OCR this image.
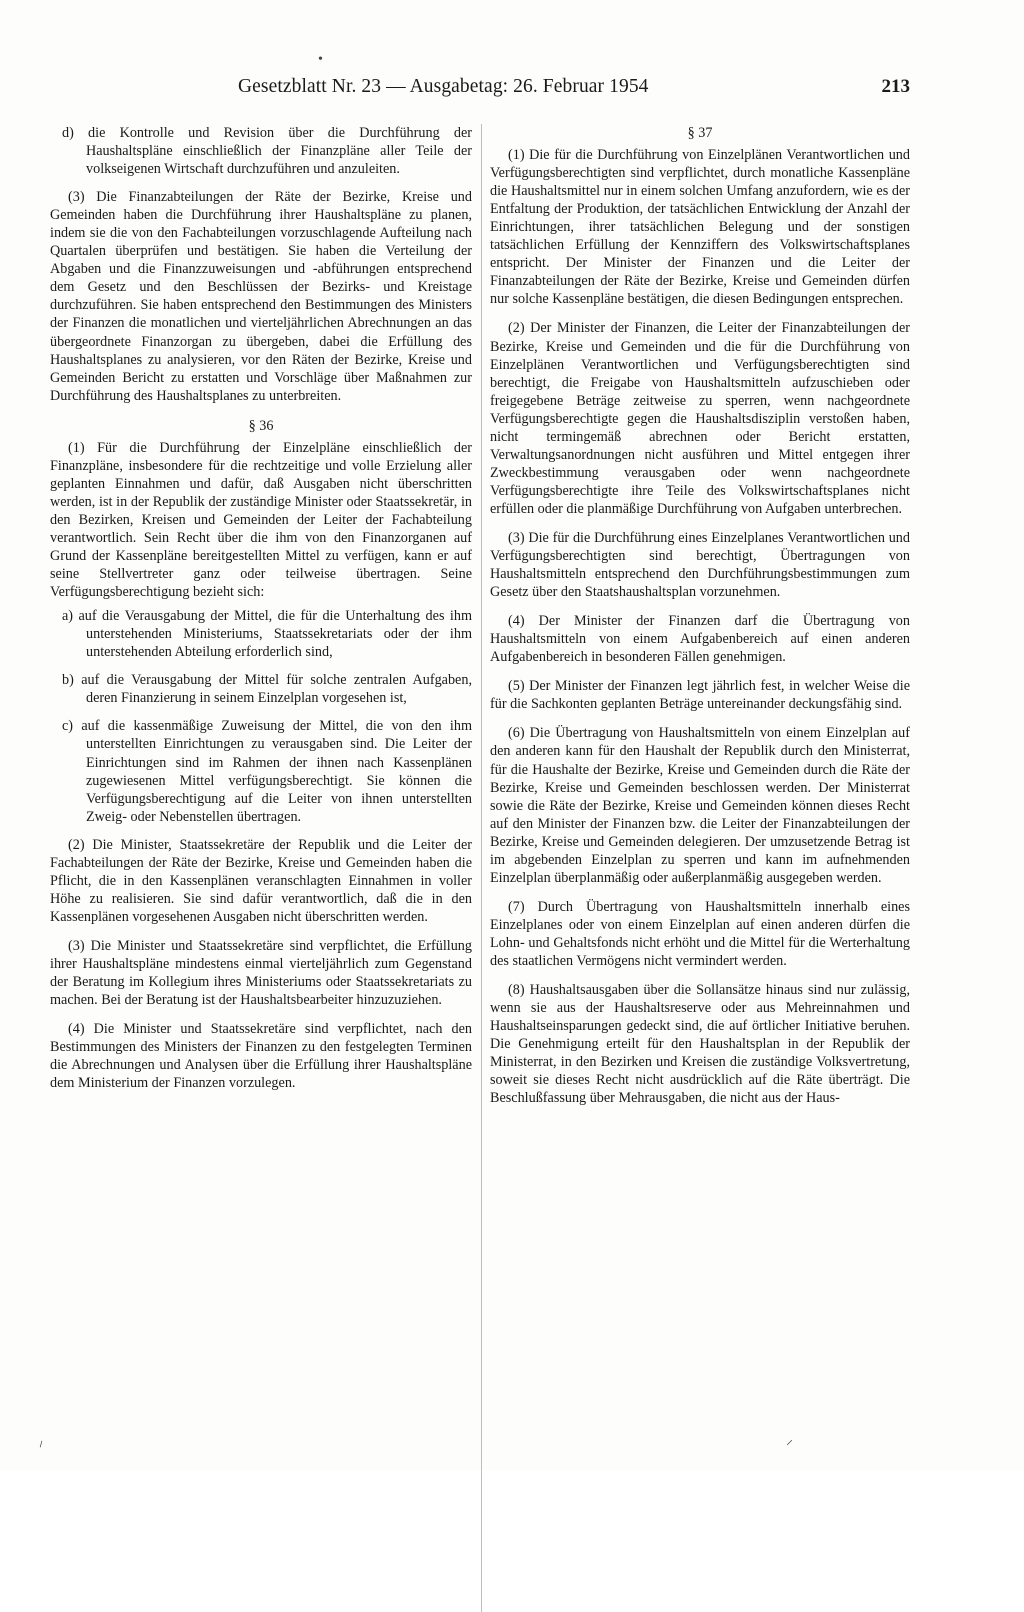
Gesetzblatt Nr. 23 — Ausgabetag: 26. Februar 1954	213

d) die Kontrolle und Revision über die Durchführung der Haushaltspläne einschließlich der Finanzpläne aller Teile der volkseigenen Wirtschaft durchzuführen und anzuleiten.

(3) Die Finanzabteilungen der Räte der Bezirke, Kreise und Gemeinden haben die Durchführung ihrer Haushaltspläne zu planen, indem sie die von den Fachabteilungen vorzuschlagende Aufteilung nach Quartalen überprüfen und bestätigen. Sie haben die Verteilung der Abgaben und die Finanzzuweisungen und -abführungen entsprechend dem Gesetz und den Beschlüssen der Bezirks- und Kreistage durchzuführen. Sie haben entsprechend den Bestimmungen des Ministers der Finanzen die monatlichen und vierteljährlichen Abrechnungen an das übergeordnete Finanzorgan zu übergeben, dabei die Erfüllung des Haushaltsplanes zu analysieren, vor den Räten der Bezirke, Kreise und Gemeinden Bericht zu erstatten und Vorschläge über Maßnahmen zur Durchführung des Haushaltsplanes zu unterbreiten.

§ 36

(1) Für die Durchführung der Einzelpläne einschließlich der Finanzpläne, insbesondere für die rechtzeitige und volle Erzielung aller geplanten Einnahmen und dafür, daß Ausgaben nicht überschritten werden, ist in der Republik der zuständige Minister oder Staatssekretär, in den Bezirken, Kreisen und Gemeinden der Leiter der Fachabteilung verantwortlich. Sein Recht über die ihm von den Finanzorganen auf Grund der Kassenpläne bereitgestellten Mittel zu verfügen, kann er auf seine Stellvertreter ganz oder teilweise übertragen. Seine Verfügungsberechtigung bezieht sich:

a) auf die Verausgabung der Mittel, die für die Unterhaltung des ihm unterstehenden Ministeriums, Staatssekretariats oder der ihm unterstehenden Abteilung erforderlich sind,

b) auf die Verausgabung der Mittel für solche zentralen Aufgaben, deren Finanzierung in seinem Einzelplan vorgesehen ist,

c) auf die kassenmäßige Zuweisung der Mittel, die von den ihm unterstellten Einrichtungen zu verausgaben sind. Die Leiter der Einrichtungen sind im Rahmen der ihnen nach Kassenplänen zugewiesenen Mittel verfügungsberechtigt. Sie können die Verfügungsberechtigung auf die Leiter von ihnen unterstellten Zweig- oder Nebenstellen übertragen.

(2) Die Minister, Staatssekretäre der Republik und die Leiter der Fachabteilungen der Räte der Bezirke, Kreise und Gemeinden haben die Pflicht, die in den Kassenplänen veranschlagten Einnahmen in voller Höhe zu realisieren. Sie sind dafür verantwortlich, daß die in den Kassenplänen vorgesehenen Ausgaben nicht überschritten werden.

(3) Die Minister und Staatssekretäre sind verpflichtet, die Erfüllung ihrer Haushaltspläne mindestens einmal vierteljährlich zum Gegenstand der Beratung im Kollegium ihres Ministeriums oder Staatssekretariats zu machen. Bei der Beratung ist der Haushaltsbearbeiter hinzuzuziehen.

(4) Die Minister und Staatssekretäre sind verpflichtet, nach den Bestimmungen des Ministers der Finanzen zu den festgelegten Terminen die Abrechnungen und Analysen über die Erfüllung ihrer Haushaltspläne dem Ministerium der Finanzen vorzulegen.

§ 37

(1) Die für die Durchführung von Einzelplänen Verantwortlichen und Verfügungsberechtigten sind verpflichtet, durch monatliche Kassenpläne die Haushaltsmittel nur in einem solchen Umfang anzufordern, wie es der Entfaltung der Produktion, der tatsächlichen Entwicklung der Anzahl der Einrichtungen, ihrer tatsächlichen Belegung und der sonstigen tatsächlichen Erfüllung der Kennziffern des Volkswirtschaftsplanes entspricht. Der Minister der Finanzen und die Leiter der Finanzabteilungen der Räte der Bezirke, Kreise und Gemeinden dürfen nur solche Kassenpläne bestätigen, die diesen Bedingungen entsprechen.

(2) Der Minister der Finanzen, die Leiter der Finanzabteilungen der Bezirke, Kreise und Gemeinden und die für die Durchführung von Einzelplänen Verantwortlichen und Verfügungsberechtigten sind berechtigt, die Freigabe von Haushaltsmitteln aufzuschieben oder freigegebene Beträge zeitweise zu sperren, wenn nachgeordnete Verfügungsberechtigte gegen die Haushaltsdisziplin verstoßen haben, nicht termingemäß abrechnen oder Bericht erstatten, Verwaltungsanordnungen nicht ausführen und Mittel entgegen ihrer Zweckbestimmung verausgaben oder wenn nachgeordnete Verfügungsberechtigte ihre Teile des Volkswirtschaftsplanes nicht erfüllen oder die planmäßige Durchführung von Aufgaben unterbrechen.

(3) Die für die Durchführung eines Einzelplanes Verantwortlichen und Verfügungsberechtigten sind berechtigt, Übertragungen von Haushaltsmitteln entsprechend den Durchführungsbestimmungen zum Gesetz über den Staatshaushaltsplan vorzunehmen.

(4) Der Minister der Finanzen darf die Übertragung von Haushaltsmitteln von einem Aufgabenbereich auf einen anderen Aufgabenbereich in besonderen Fällen genehmigen.

(5) Der Minister der Finanzen legt jährlich fest, in welcher Weise die für die Sachkonten geplanten Beträge untereinander deckungsfähig sind.

(6) Die Übertragung von Haushaltsmitteln von einem Einzelplan auf den anderen kann für den Haushalt der Republik durch den Ministerrat, für die Haushalte der Bezirke, Kreise und Gemeinden durch die Räte der Bezirke, Kreise und Gemeinden beschlossen werden. Der Ministerrat sowie die Räte der Bezirke, Kreise und Gemeinden können dieses Recht auf den Minister der Finanzen bzw. die Leiter der Finanzabteilungen der Bezirke, Kreise und Gemeinden delegieren. Der umzusetzende Betrag ist im abgebenden Einzelplan zu sperren und kann im aufnehmenden Einzelplan überplanmäßig oder außerplanmäßig ausgegeben werden.

(7) Durch Übertragung von Haushaltsmitteln innerhalb eines Einzelplanes oder von einem Einzelplan auf einen anderen dürfen die Lohn- und Gehaltsfonds nicht erhöht und die Mittel für die Werterhaltung des staatlichen Vermögens nicht vermindert werden.

(8) Haushaltsausgaben über die Sollansätze hinaus sind nur zulässig, wenn sie aus der Haushaltsreserve oder aus Mehreinnahmen und Haushaltseinsparungen gedeckt sind, die auf örtlicher Initiative beruhen. Die Genehmigung erteilt für den Haushaltsplan in der Republik der Ministerrat, in den Bezirken und Kreisen die zuständige Volksvertretung, soweit sie dieses Recht nicht ausdrücklich auf die Räte überträgt. Die Beschlußfassung über Mehrausgaben, die nicht aus der Haus-

•
⸝	⸝
